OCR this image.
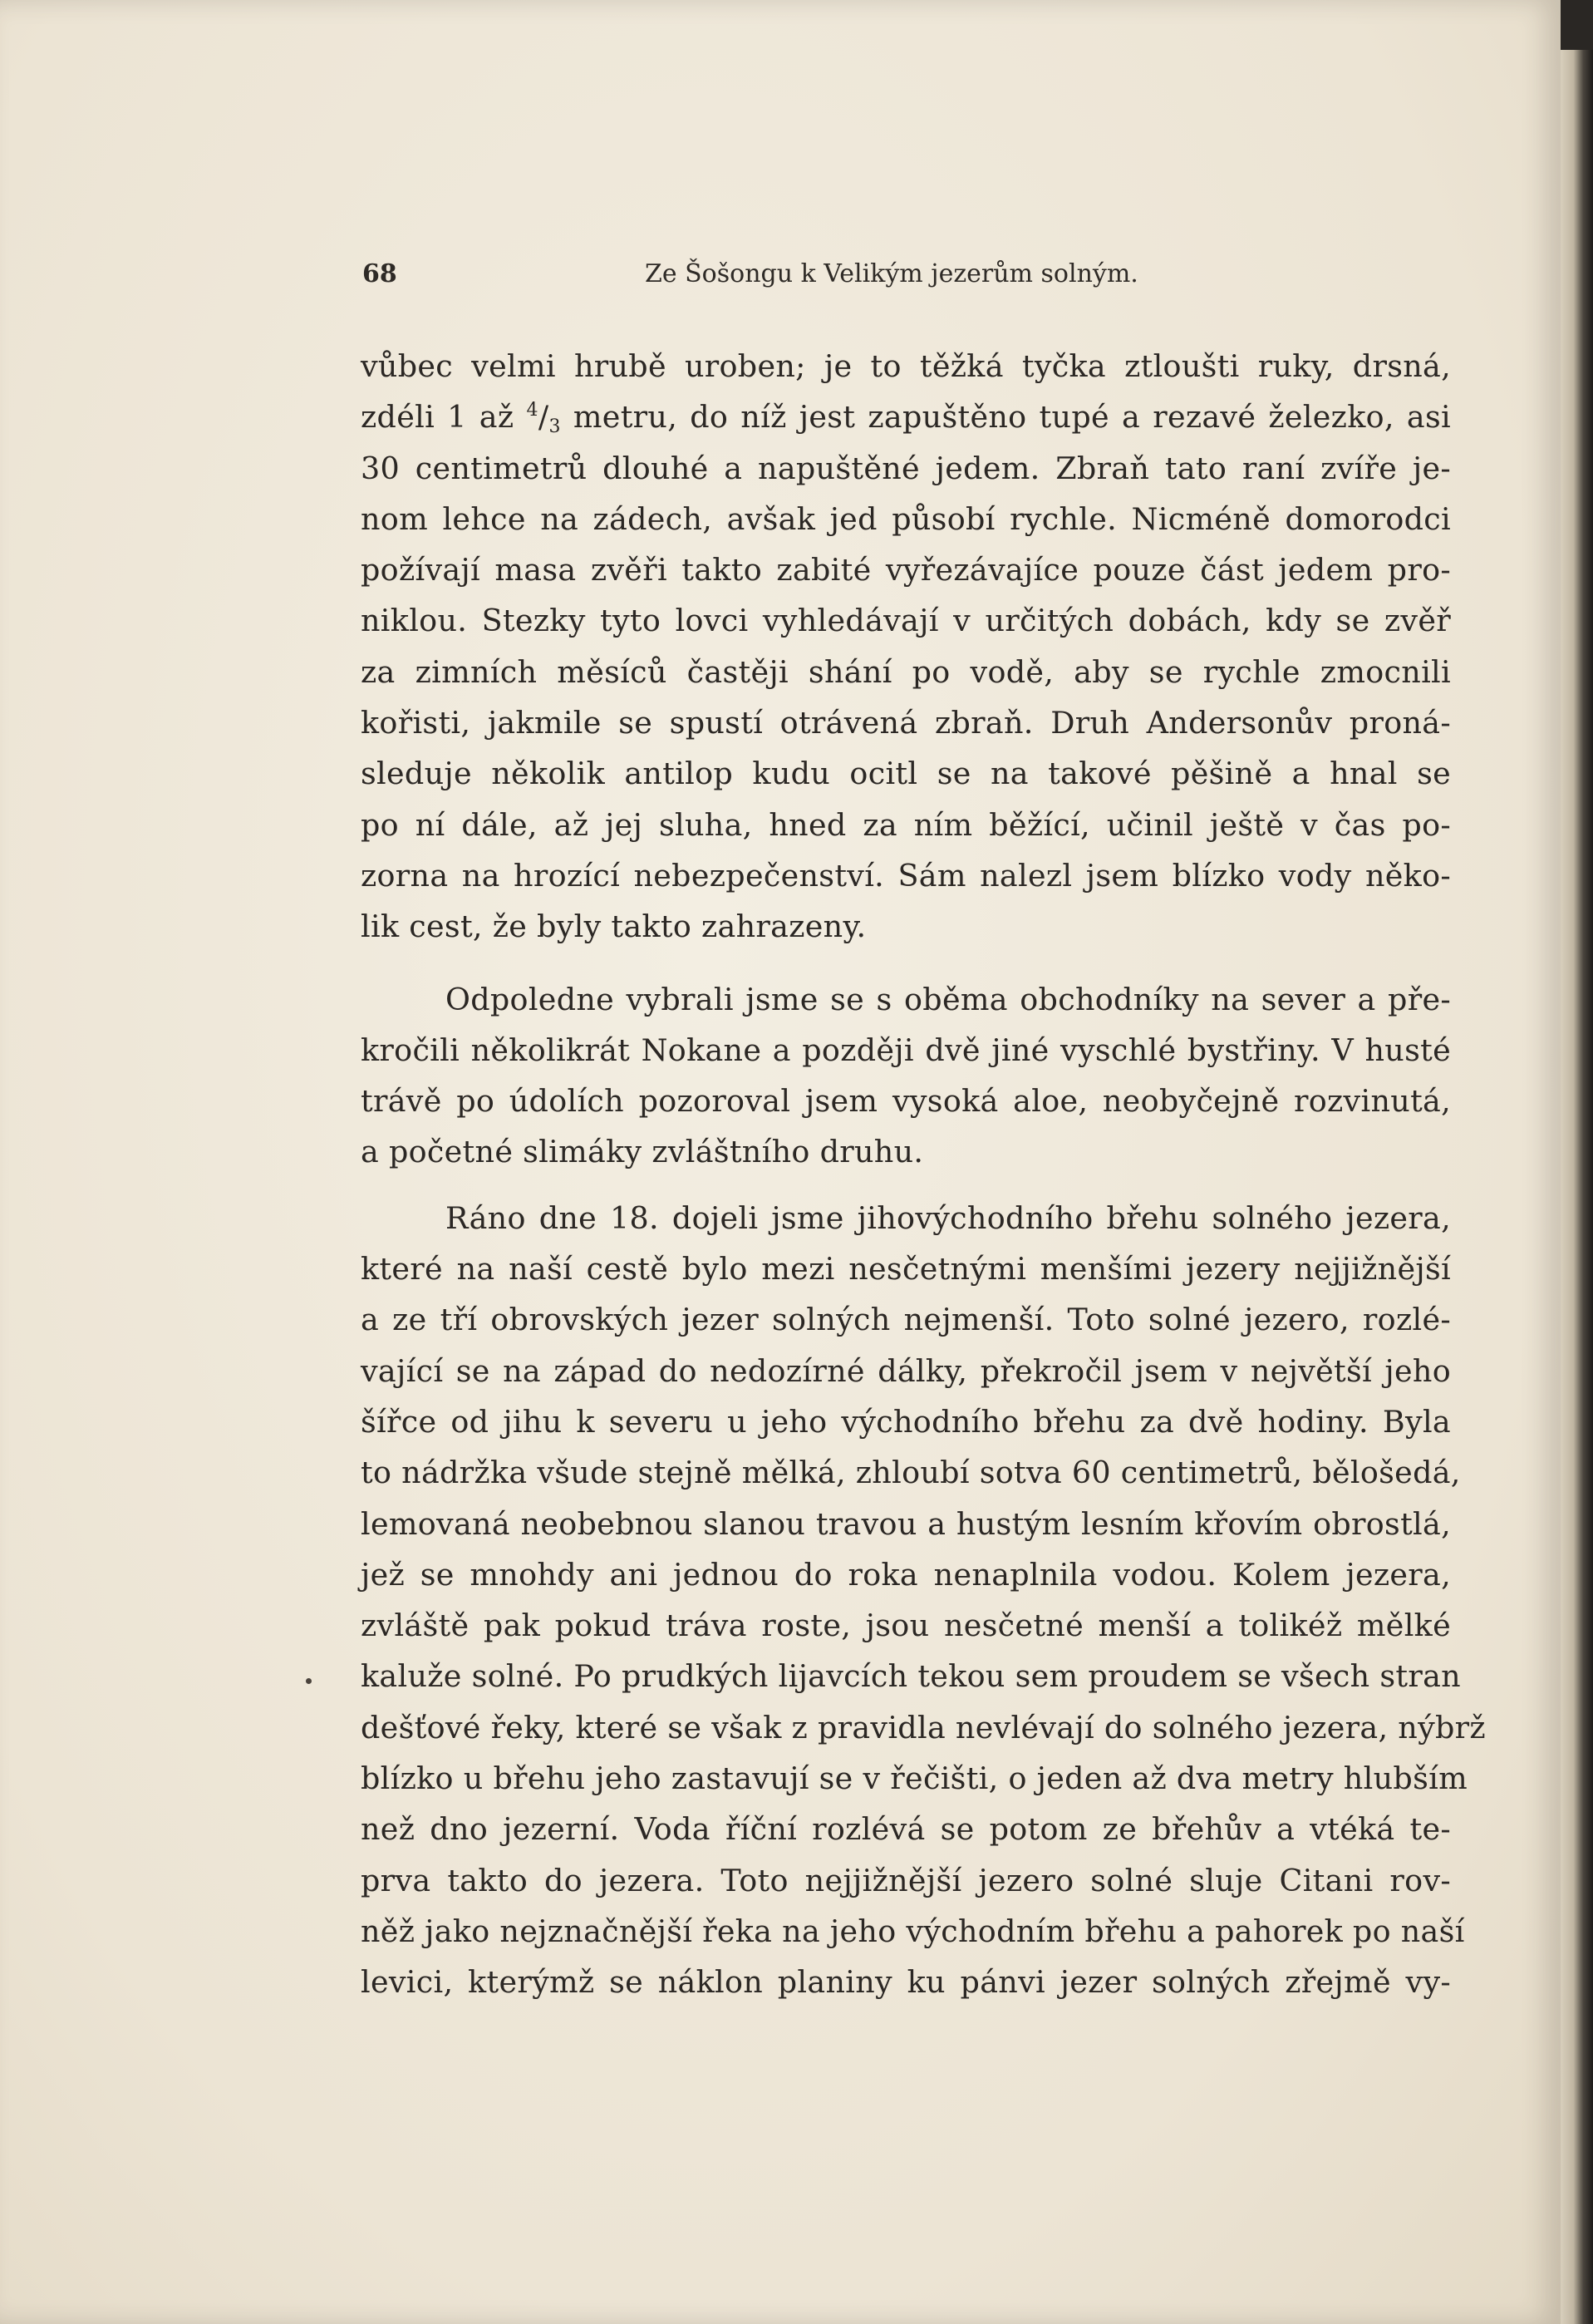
68	Ze Šošongu k Velikým jezerům solným.
vůbec velmi hrubě uroben; je to těžká tyčka ztloušti ruky, drsná,
zdéli 1 až $^4/_3$ metru, do níž jest zapuštěno tupé a rezavé železko, asi
30 centimetrů dlouhé a napuštěné jedem. Zbraň tato raní zvíře je-
nom lehce na zádech, avšak jed působí rychle. Nicméně domorodci
požívají masa zvěři takto zabité vyřezávajíce pouze část jedem pro-
niklou. Stezky tyto lovci vyhledávají v určitých dobách, kdy se zvěř
za zimních měsíců častěji shání po vodě, aby se rychle zmocnili
kořisti, jakmile se spustí otrávená zbraň. Druh Andersonův proná-
sleduje několik antilop kudu ocitl se na takové pěšině a hnal se
po ní dále, až jej sluha, hned za ním běžící, učinil ještě v čas po-
zorna na hrozící nebezpečenství. Sám nalezl jsem blízko vody něko-
lik cest, že byly takto zahrazeny.
Odpoledne vybrali jsme se s oběma obchodníky na sever a pře-
kročili několikrát Nokane a později dvě jiné vyschlé bystřiny. V husté
trávě po údolích pozoroval jsem vysoká aloe, neobyčejně rozvinutá,
a početné slimáky zvláštního druhu.
Ráno dne 18. dojeli jsme jihovýchodního břehu solného jezera,
které na naší cestě bylo mezi nesčetnými menšími jezery nejjižnější
a ze tří obrovských jezer solných nejmenší. Toto solné jezero, rozlé-
vající se na západ do nedozírné dálky, překročil jsem v největší jeho
šířce od jihu k severu u jeho východního břehu za dvě hodiny. Byla
to nádržka všude stejně mělká, zhloubí sotva 60 centimetrů, bělošedá,
lemovaná neobebnou slanou travou a hustým lesním křovím obrostlá,
jež se mnohdy ani jednou do roka nenaplnila vodou. Kolem jezera,
zvláště pak pokud tráva roste, jsou nesčetné menší a tolikéž mělké
kaluže solné. Po prudkých lijavcích tekou sem proudem se všech stran
dešťové řeky, které se však z pravidla nevlévají do solného jezera, nýbrž
blízko u břehu jeho zastavují se v řečišti, o jeden až dva metry hlubším
než dno jezerní. Voda říční rozlévá se potom ze břehův a vtéká te-
prva takto do jezera. Toto nejjižnější jezero solné sluje Citani rov-
něž jako nejznačnější řeka na jeho východním břehu a pahorek po naší
levici, kterýmž se náklon planiny ku pánvi jezer solných zřejmě vy-
